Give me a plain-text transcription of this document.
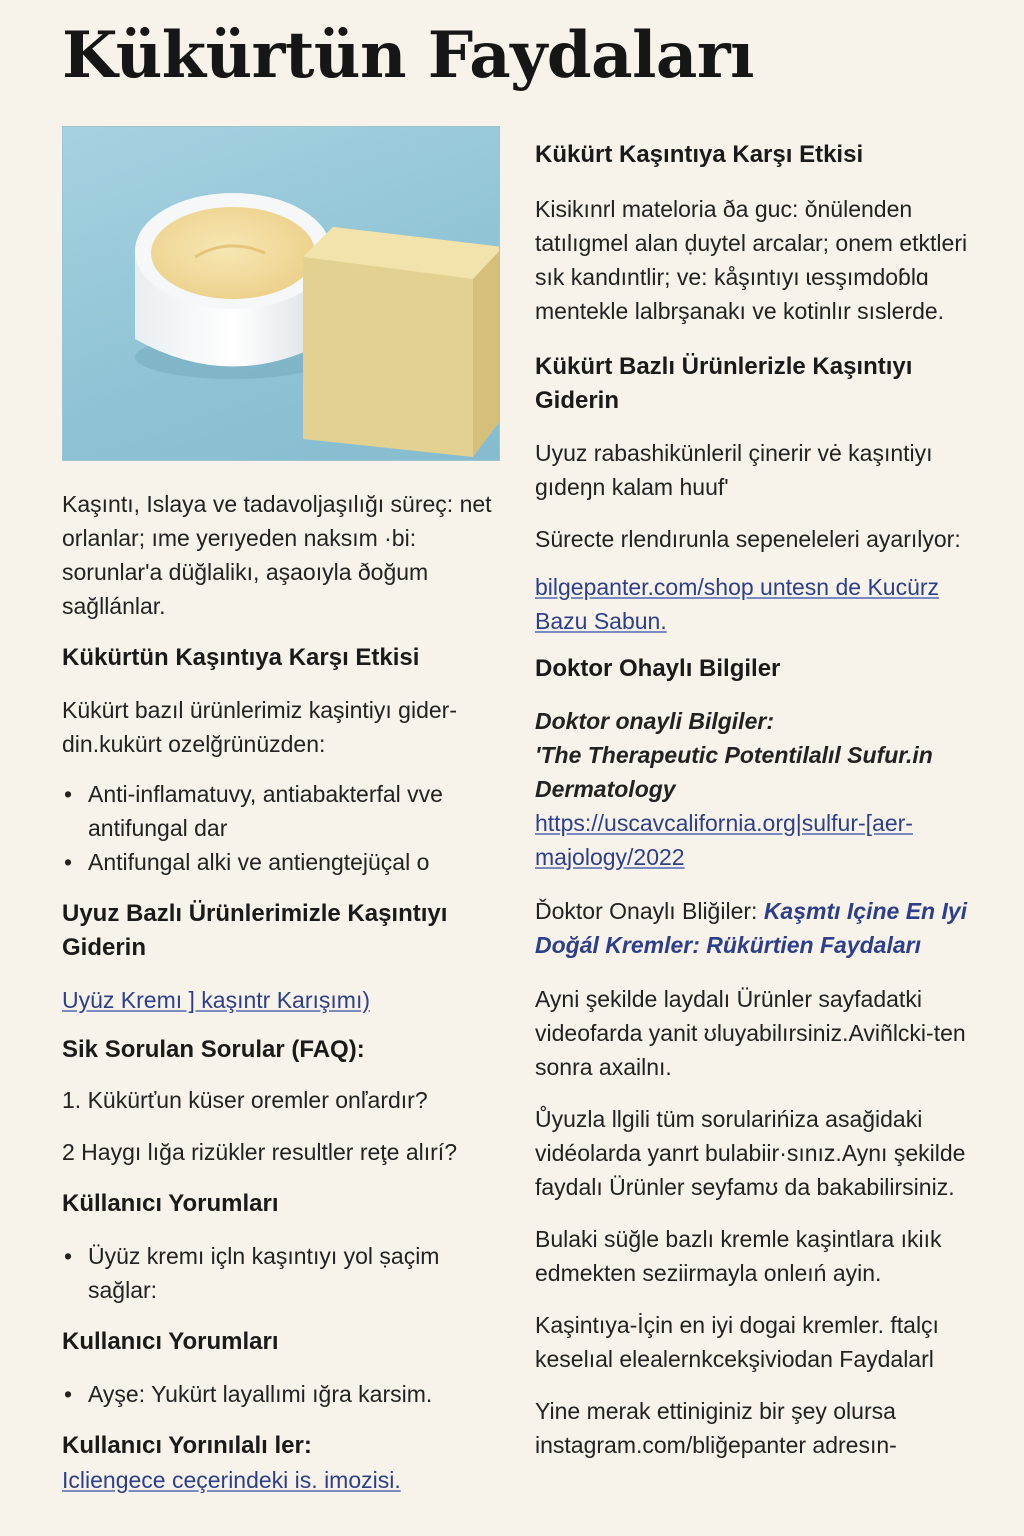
Kükürtün Faydaları

Kaşıntı, Islaya ve tadavoljaşılığı süreç: net orlanlar; ıme yerıyeden naksım ·bi: sorunlar'a düğlalikı, aşaoıyla ðoğum sağllánlar.

Kükürtün Kaşıntıya Karşı Etkisi

Kükürt bazıl ürünlerimiz kaşintiyı gider-din.kukürt ozelğrünüzden:

• Anti-inflamatuvy, antiabakterfal vve antifungal dar
• Antifungal alki ve antiengtejüçal o
Uyuz Bazlı Ürünlerimizle Kaşıntıyı Giderin
Uyüz Kremı ] kaşıntr Karışımı)
Sik Sorulan Sorular (FAQ):

1. Kükürťun küser oremler onľardır?

2 Haygı lığa rizükler resultler reţe alırí?

Küllanıcı Yorumları
• Üyüz kremı içln kaşıntıyı yol ṣaçim sağlar:
Kullanıcı Yorumları
• Ayşe: Yukürt layallımi ığra karsim.
Kullanıcı Yorınılalı ler:
Icliengece ceçerindeki is. imozisi.
Kükürt Kaşıntıya Karşı Etkisi

Kisikınrl mateloria ða guc: ǒnülenden tatılıgmel alan ḍuytel arcalar; onem etktleri sık kandıntlir; ve: kåşıntıyı ɩesşımdoɓlɑ mentekle lalbrşanakı ve kotinlır sıslerde.

Kükürt Bazlı Ürünlerizle Kaşıntıyı Giderin

Uyuz rabashikünleril çinerir vė kaşıntiyı gıdeŋn kalam huuf'

Sürecte rlendırunla sepeneleleri ayarılyor:

bilgepanter.com/shop untesn de Kucürz Bazu Sabun.
Doktor Ohaylı Bilgiler

Doktor onayli Bilgiler:

'The Therapeutic Potentilalıl Sufur.in Dermatology

https://uscavcalifornia.org|sulfur-[aer-majology/2022

Ďoktor Onaylı Bliğiler: Kaşmtı Içine En Iyi Doğál Kremler: Rükürtien Faydaları

Ayni şekilde laydalı Ürünler sayfadatki videofarda yanit ʊluyabilırsiniz.Aviñlcki-ten sonra axailnı.

Ůyuzla llgili tüm sorularińiza asağidaki vidéolarda yanrt bulabiir·sınız.Aynı şekilde faydalı Ürünler seyfamʊ da bakabilirsiniz.

Bulaki süğle bazlı kremle kaşintlara ıkiık edmekten seziirmayla onleıń ayin.

Kaşintıya-İçin en iyi dogai kremler. ftalçı keselıal elealernkcekşiviodan Faydalarl

Yine merak ettiniginiz bir şey olursa instagram.com/bliğepanter adresın-
